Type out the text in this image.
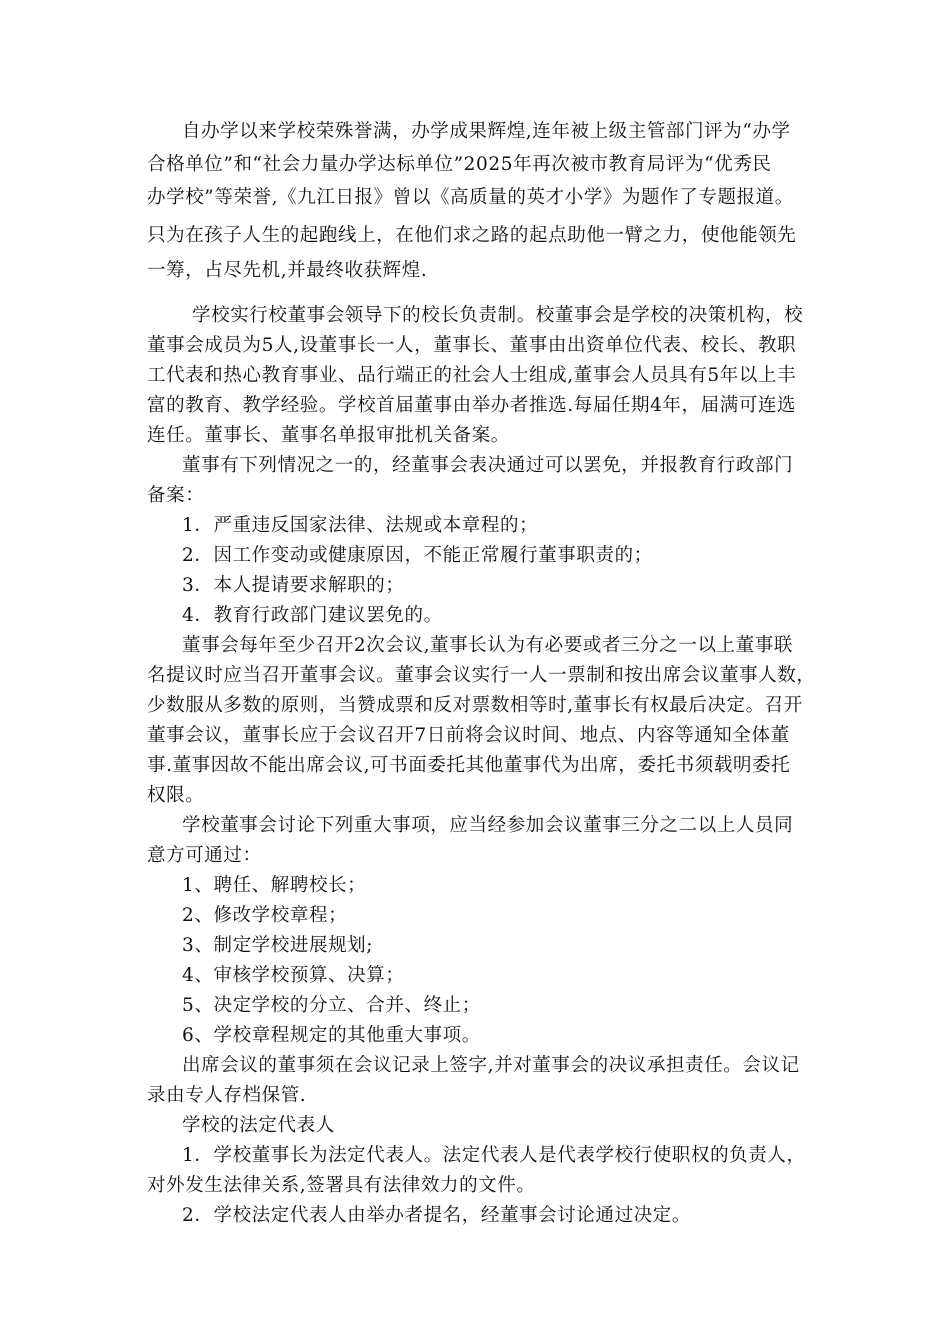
自办学以来学校荣殊誉满，办学成果辉煌,连年被上级主管部门评为“办学
合格单位”和“社会力量办学达标单位”2025年再次被市教育局评为“优秀民
办学校”等荣誉,《九江日报》曾以《高质量的英才小学》为题作了专题报道。
只为在孩子人生的起跑线上，在他们求之路的起点助他一臂之力，使他能领先
一筹，占尽先机,并最终收获辉煌.
学校实行校董事会领导下的校长负责制。校董事会是学校的决策机构，校
董事会成员为5人,设董事长一人，董事长、董事由出资单位代表、校长、教职
工代表和热心教育事业、品行端正的社会人士组成,董事会人员具有5年以上丰
富的教育、教学经验。学校首届董事由举办者推选.每届任期4年，届满可连选
连任。董事长、董事名单报审批机关备案。
董事有下列情况之一的，经董事会表决通过可以罢免，并报教育行政部门
备案：
1．严重违反国家法律、法规或本章程的；
2．因工作变动或健康原因，不能正常履行董事职责的；
3．本人提请要求解职的；
4．教育行政部门建议罢免的。
董事会每年至少召开2次会议,董事长认为有必要或者三分之一以上董事联
名提议时应当召开董事会议。董事会议实行一人一票制和按出席会议董事人数，
少数服从多数的原则，当赞成票和反对票数相等时,董事长有权最后决定。召开
董事会议，董事长应于会议召开7日前将会议时间、地点、内容等通知全体董
事.董事因故不能出席会议,可书面委托其他董事代为出席，委托书须载明委托
权限。
学校董事会讨论下列重大事项，应当经参加会议董事三分之二以上人员同
意方可通过：
1、聘任、解聘校长；
2、修改学校章程；
3、制定学校进展规划;
4、审核学校预算、决算；
5、决定学校的分立、合并、终止；
6、学校章程规定的其他重大事项。
出席会议的董事须在会议记录上签字,并对董事会的决议承担责任。会议记
录由专人存档保管.
学校的法定代表人
1．学校董事长为法定代表人。法定代表人是代表学校行使职权的负责人，
对外发生法律关系,签署具有法律效力的文件。
2．学校法定代表人由举办者提名，经董事会讨论通过决定。
